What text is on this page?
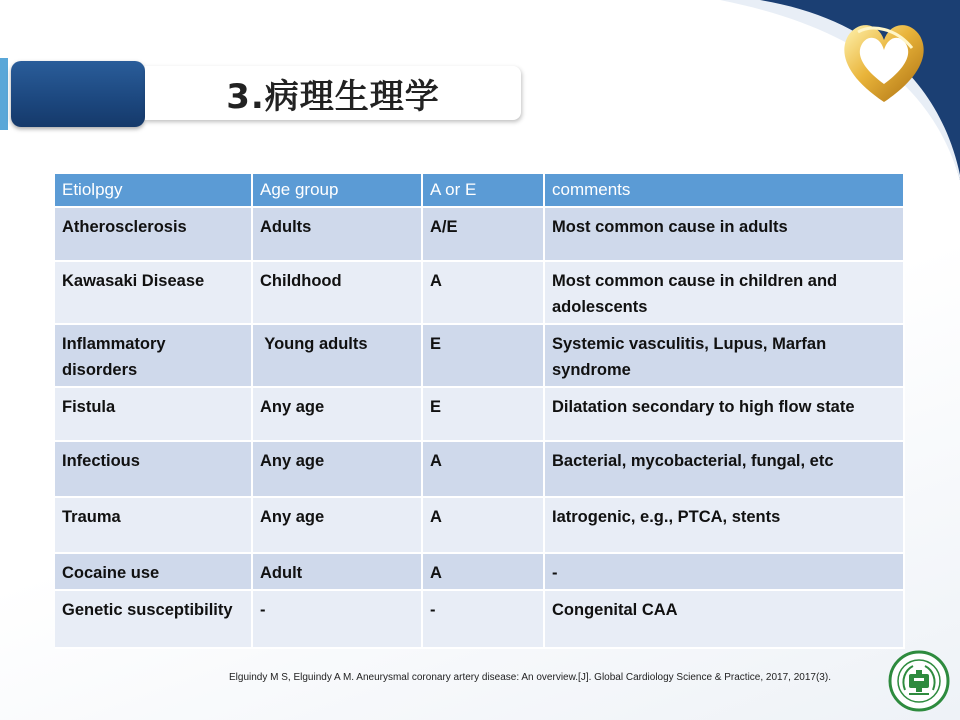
3.病理生理学
Etiolpgy	Age group	A or E	comments
Atherosclerosis	Adults	A/E	Most common cause in adults
Kawasaki Disease	Childhood	A	Most common cause in children and adolescents
Inflammatory disorders	Young adults	E	Systemic vasculitis, Lupus, Marfan syndrome
Fistula	Any age	E	Dilatation secondary to high flow state
Infectious	Any age	A	Bacterial, mycobacterial, fungal, etc
Trauma	Any age	A	Iatrogenic, e.g., PTCA, stents
Cocaine use	Adult	A	-
Genetic susceptibility	-	-	Congenital CAA
Elguindy M S, Elguindy A M. Aneurysmal coronary artery disease: An overview.[J]. Global Cardiology Science & Practice, 2017, 2017(3).
